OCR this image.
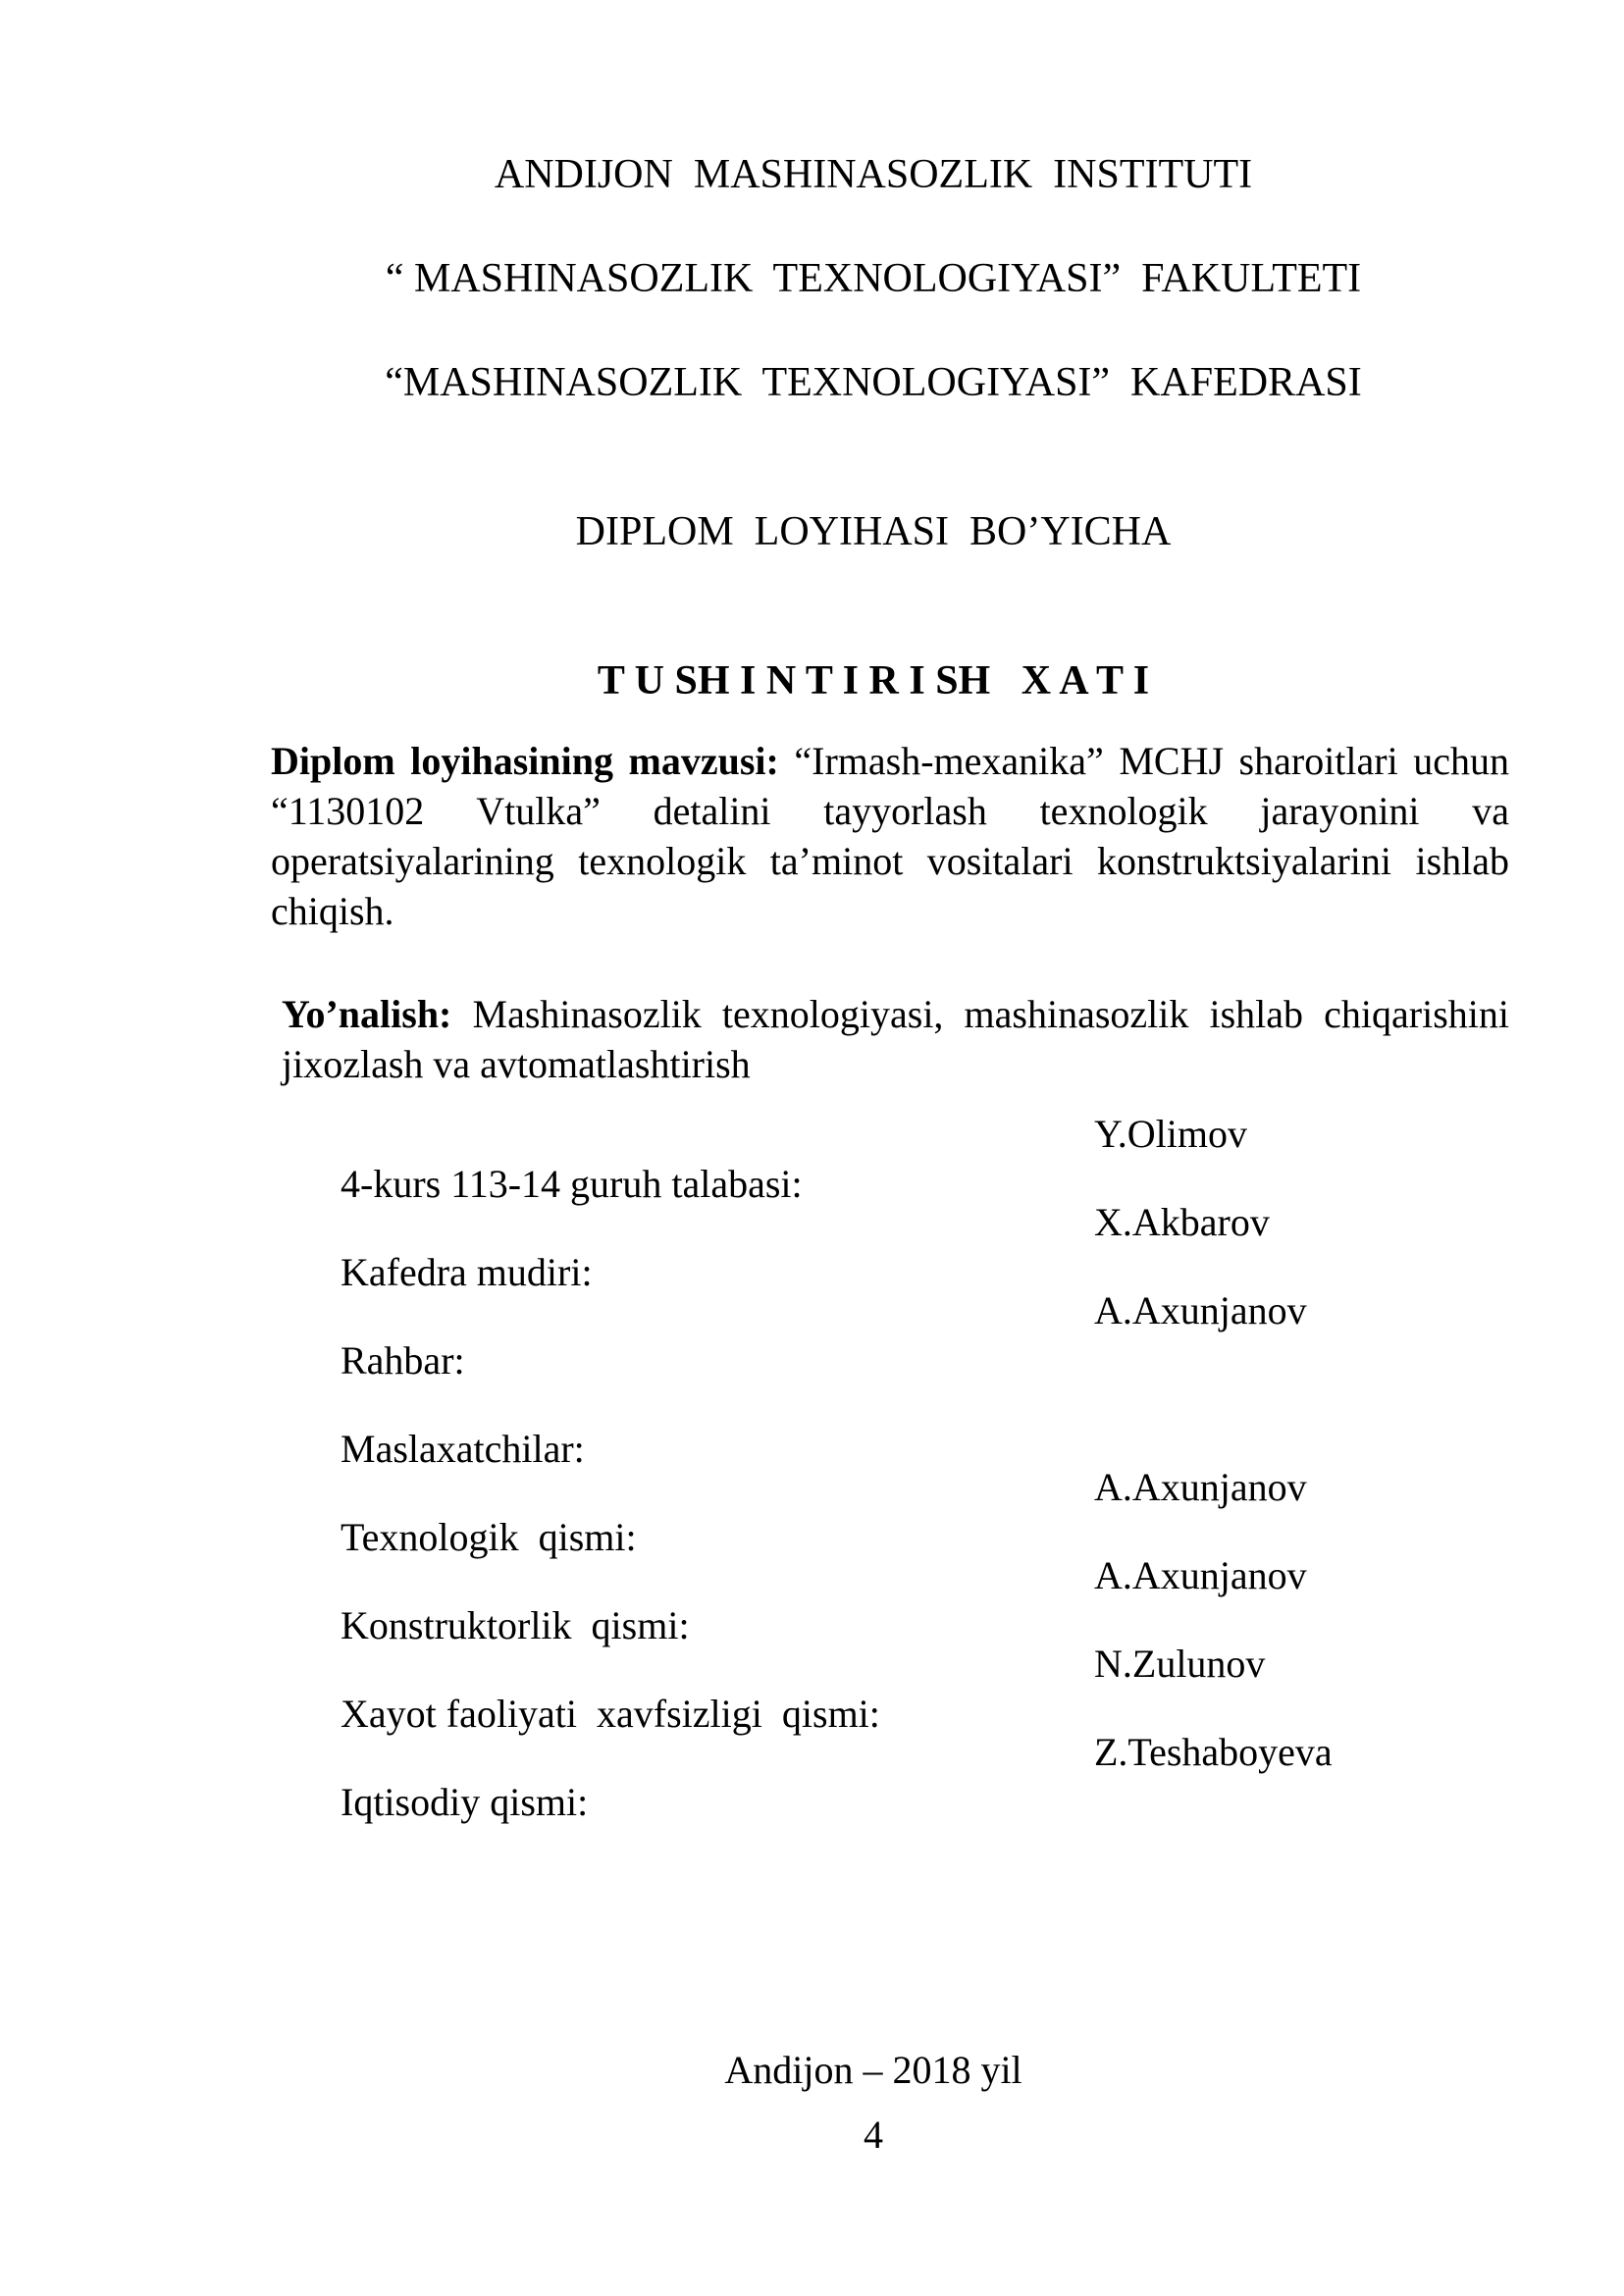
ANDIJON  MASHINASOZLIK  INSTITUTI
“ MASHINASOZLIK  TEXNOLOGIYASI”  FAKULTETI
“MASHINASOZLIK  TEXNOLOGIYASI”  KAFEDRASI
DIPLOM  LOYIHASI  BO’YICHA
T U SH I N T I R I SH   X A T I
Diplom loyihasining mavzusi: “Irmash-mexanika” MCHJ sharoitlari uchun
“1130102 Vtulka” detalini tayyorlash texnologik jarayonini va
operatsiyalarining texnologik ta’minot vositalari konstruktsiyalarini ishlab
chiqish.
Yo’nalish: Mashinasozlik texnologiyasi, mashinasozlik ishlab chiqarishini
jixozlash va avtomatlashtirish

4-kurs 113-14 guruh talabasi:

Y.Olimov

Kafedra mudiri:

X.Akbarov

Rahbar:

A.Axunjanov

Maslaxatchilar:

Texnologik  qismi:

A.Axunjanov

Konstruktorlik  qismi:

A.Axunjanov

Xayot faoliyati  xavfsizligi  qismi:

N.Zulunov

Iqtisodiy qismi:

Z.Teshaboyeva

Andijon – 2018 yil
4
